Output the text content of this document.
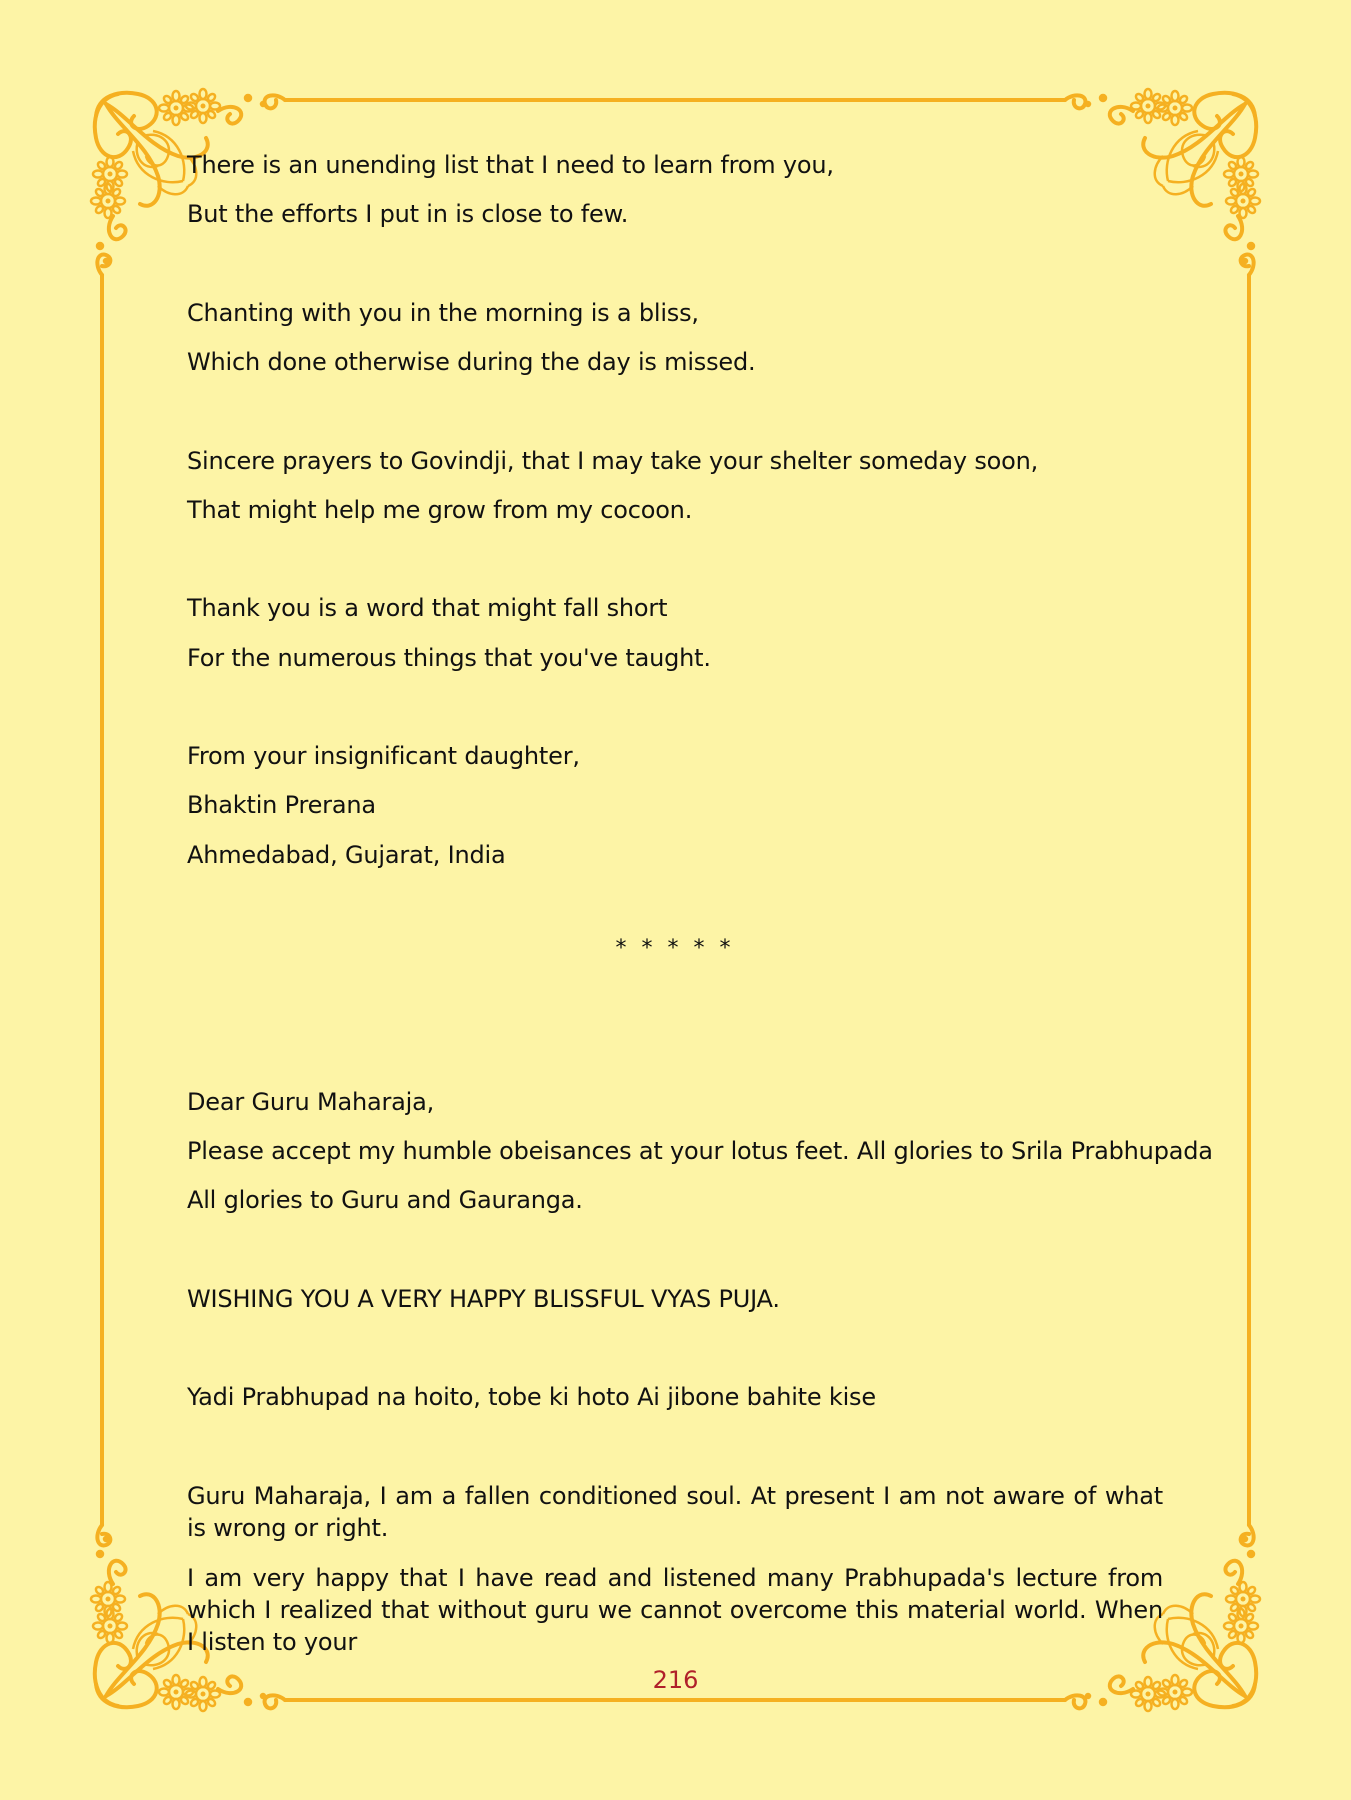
There is an unending list that I need to learn from you,
But the efforts I put in is close to few.
Chanting with you in the morning is a bliss,
Which done otherwise during the day is missed.
Sincere prayers to Govindji, that I may take your shelter someday soon,
That might help me grow from my cocoon.
Thank you is a word that might fall short
For the numerous things that you've taught.
From your insignificant daughter,
Bhaktin Prerana
Ahmedabad, Gujarat, India
* * * * *
Dear Guru Maharaja,
Please accept my humble obeisances at your lotus feet. All glories to Srila Prabhupada
All glories to Guru and Gauranga.
WISHING YOU A VERY HAPPY BLISSFUL VYAS PUJA.
Yadi Prabhupad na hoito, tobe ki hoto Ai jibone bahite kise
Guru Maharaja, I am a fallen conditioned soul. At present I am not aware of what is wrong or right.
I am very happy that I have read and listened many Prabhupada's lecture from which I realized that without guru we cannot overcome this material world. When I listen to your
216
